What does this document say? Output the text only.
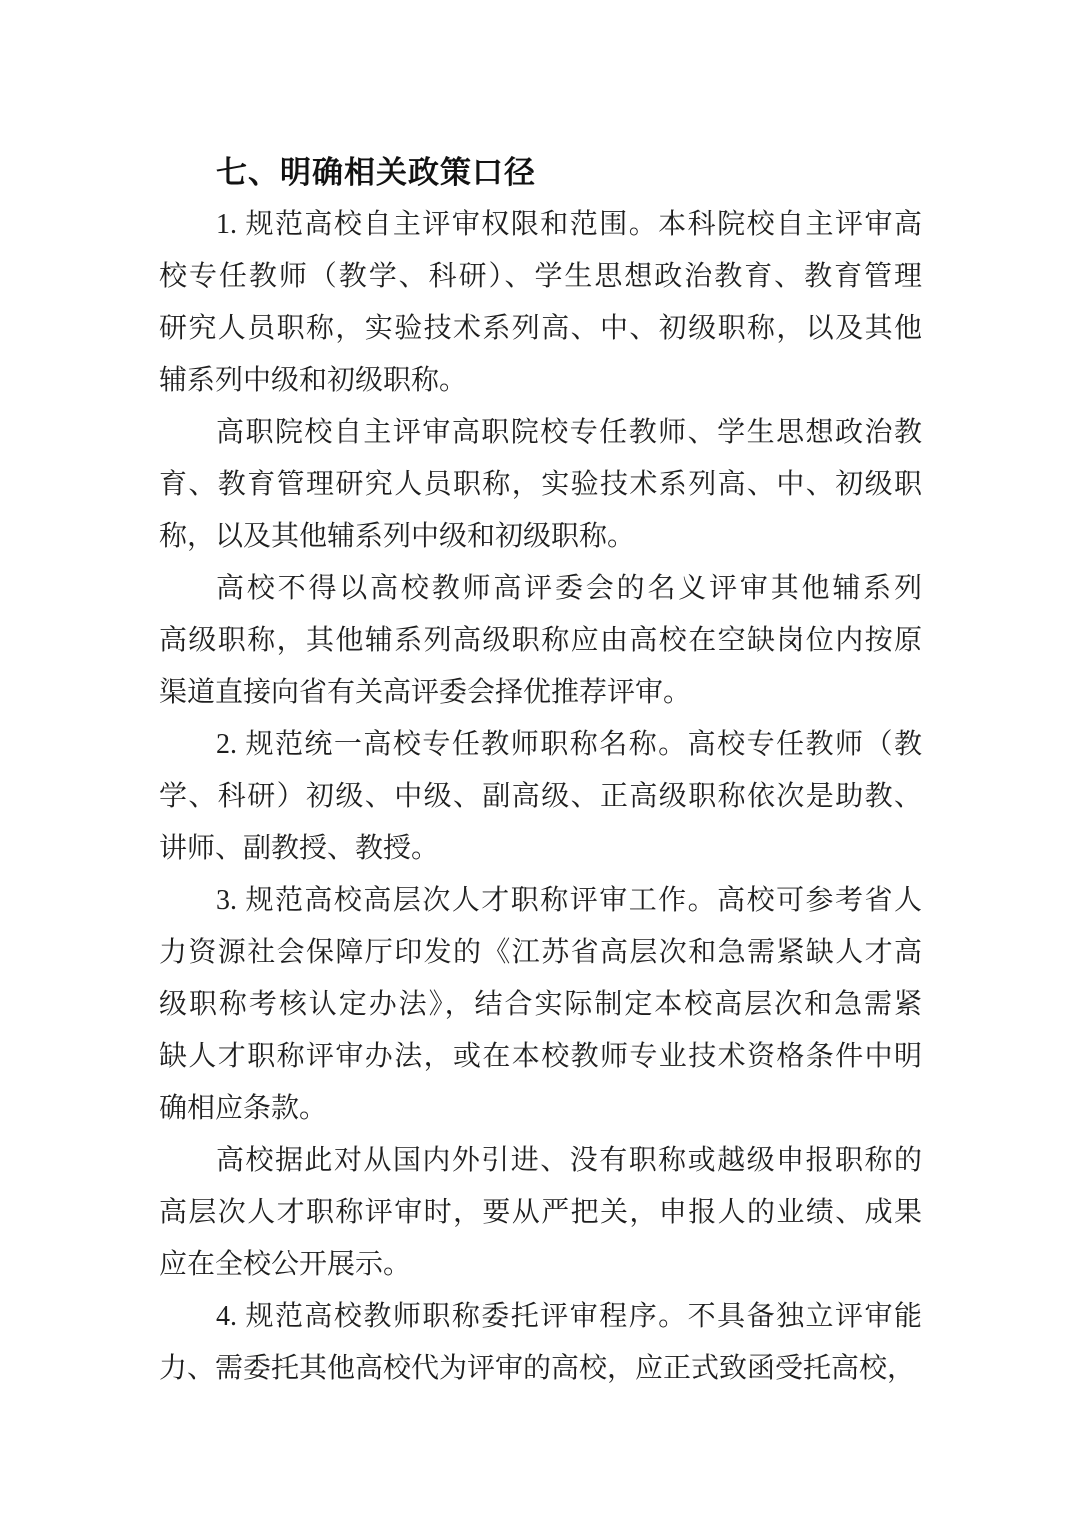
七、明确相关政策口径
1. 规范高校自主评审权限和范围。本科院校自主评审高
校专任教师（教学、科研）、学生思想政治教育、教育管理
研究人员职称，实验技术系列高、中、初级职称，以及其他
辅系列中级和初级职称。
高职院校自主评审高职院校专任教师、学生思想政治教
育、教育管理研究人员职称，实验技术系列高、中、初级职
称，以及其他辅系列中级和初级职称。
高校不得以高校教师高评委会的名义评审其他辅系列
高级职称，其他辅系列高级职称应由高校在空缺岗位内按原
渠道直接向省有关高评委会择优推荐评审。
2. 规范统一高校专任教师职称名称。高校专任教师（教
学、科研）初级、中级、副高级、正高级职称依次是助教、
讲师、副教授、教授。
3. 规范高校高层次人才职称评审工作。高校可参考省人
力资源社会保障厅印发的《江苏省高层次和急需紧缺人才高
级职称考核认定办法》，结合实际制定本校高层次和急需紧
缺人才职称评审办法，或在本校教师专业技术资格条件中明
确相应条款。
高校据此对从国内外引进、没有职称或越级申报职称的
高层次人才职称评审时，要从严把关，申报人的业绩、成果
应在全校公开展示。
4. 规范高校教师职称委托评审程序。不具备独立评审能
力、需委托其他高校代为评审的高校，应正式致函受托高校，
